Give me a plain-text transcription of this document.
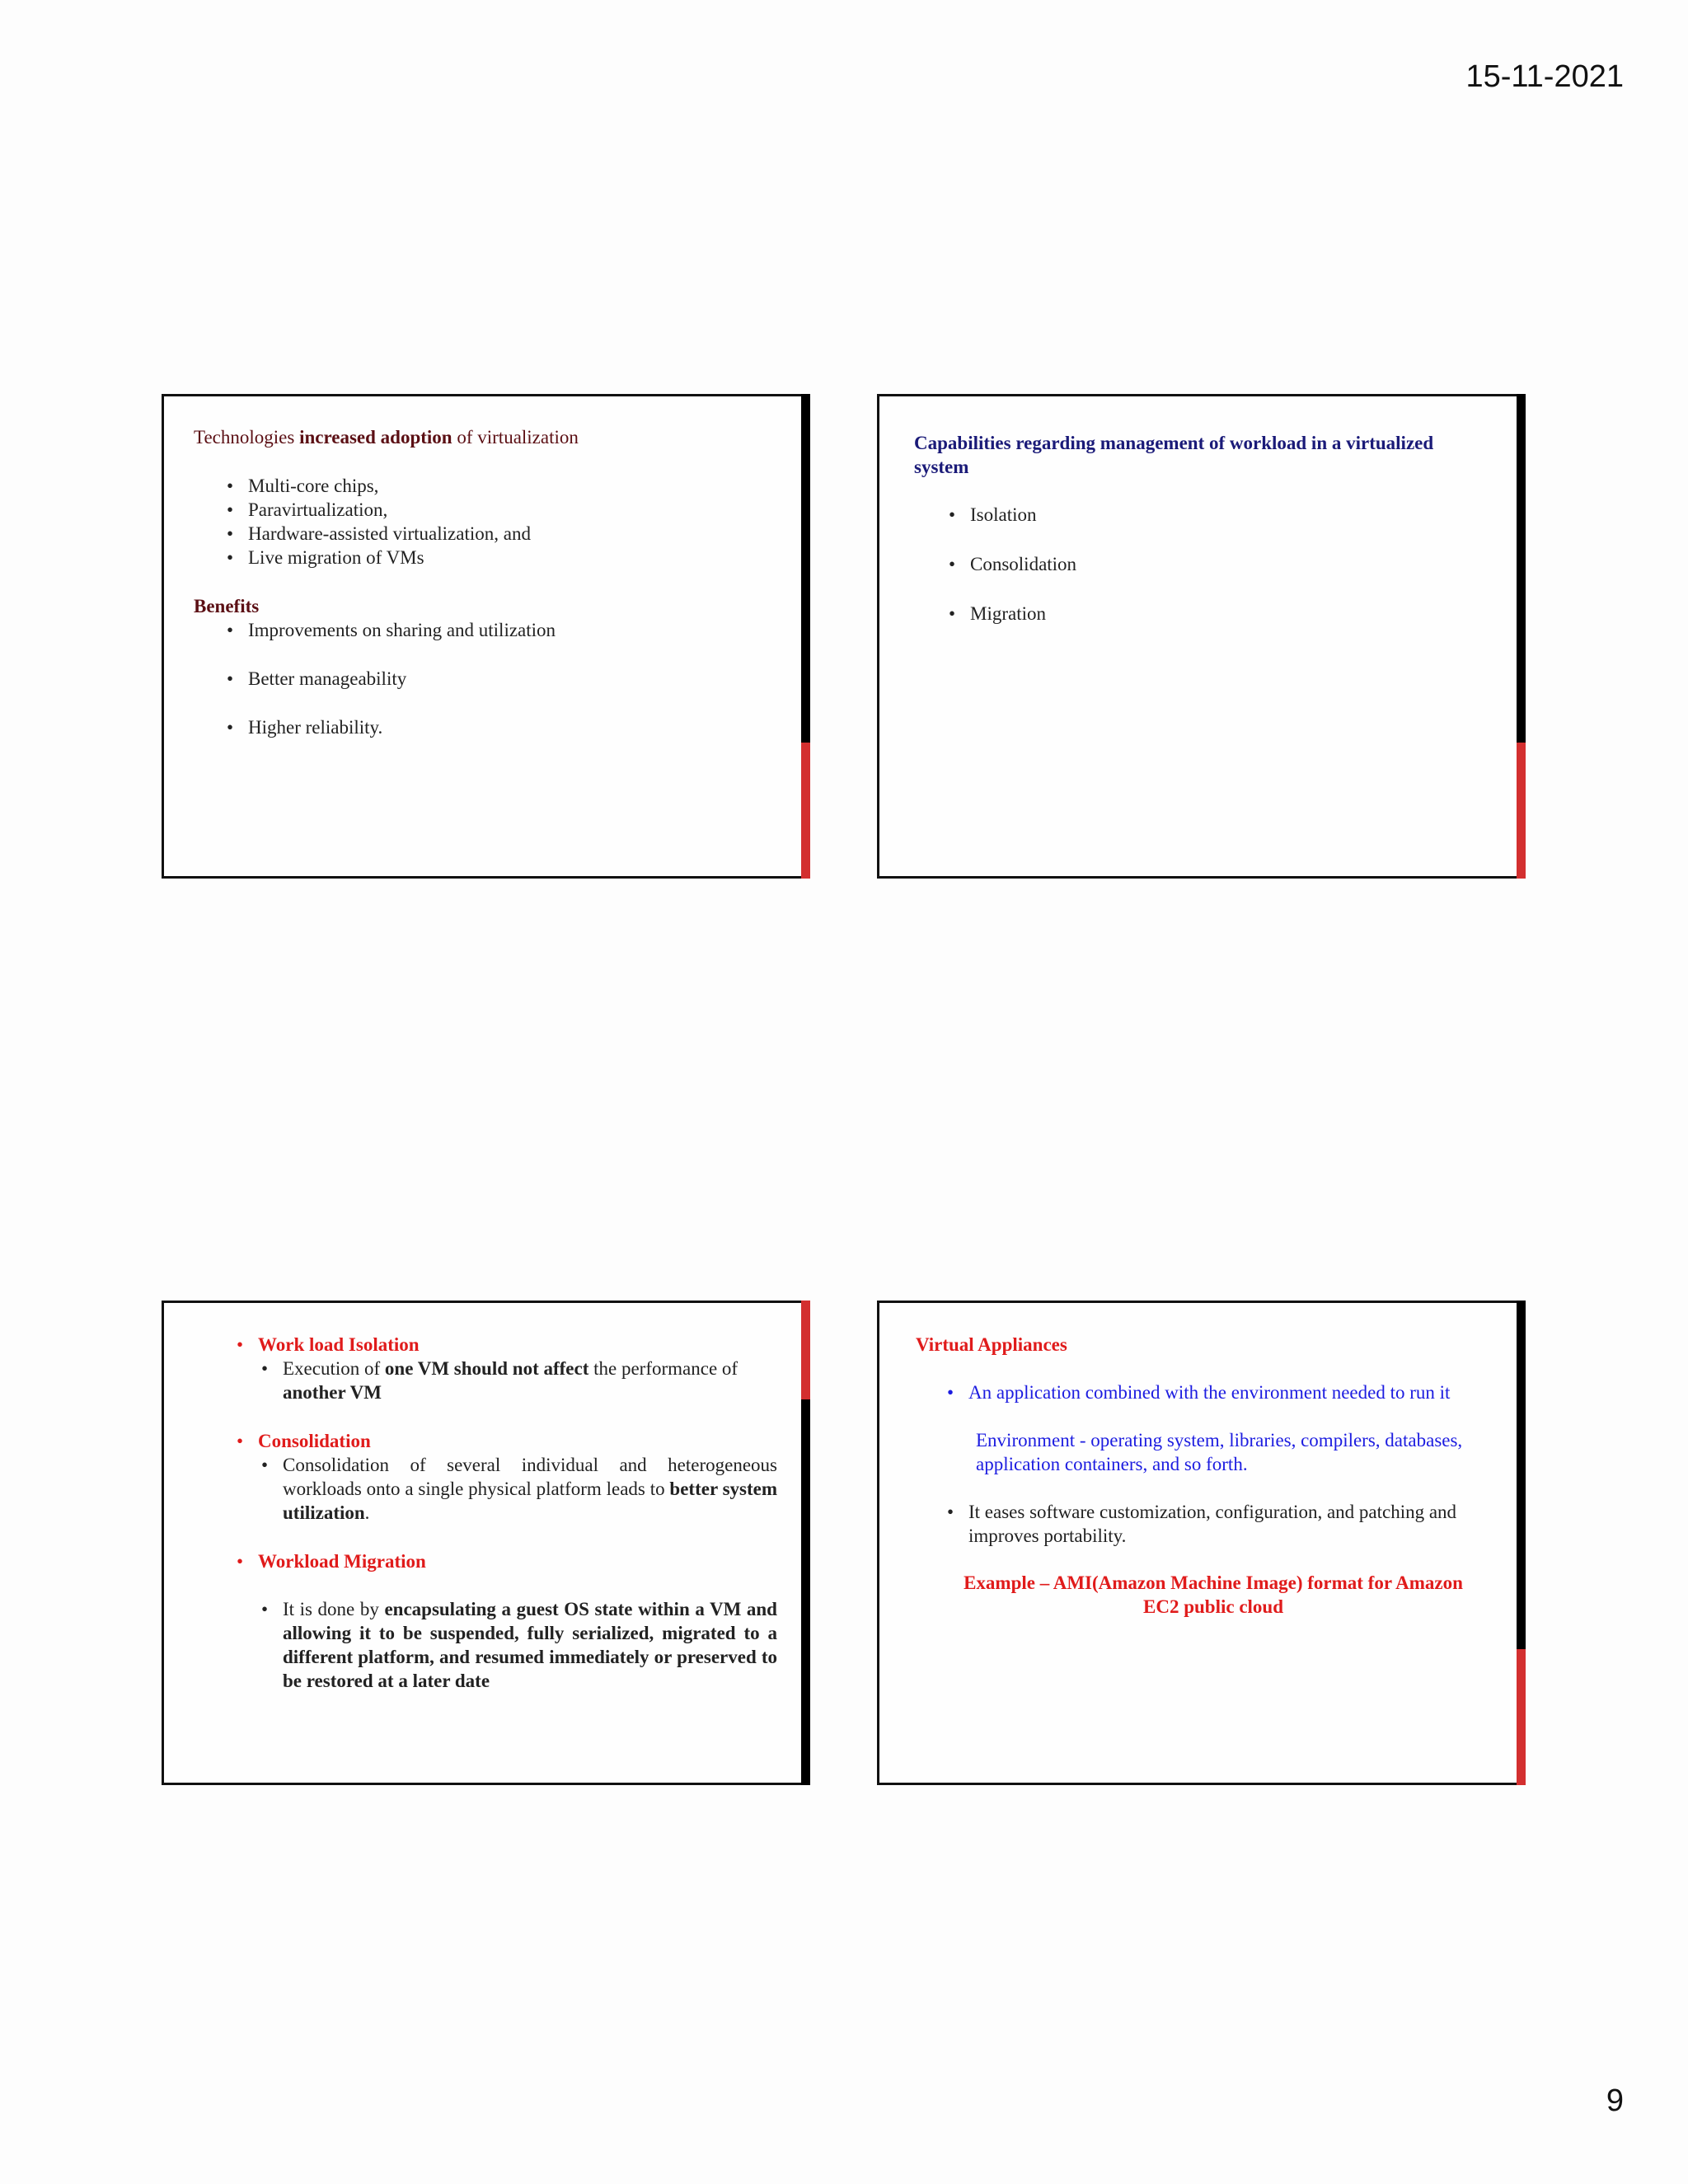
15-11-2021
Technologies increased adoption of virtualization
• Multi-core chips,
• Paravirtualization,
• Hardware-assisted virtualization, and
• Live migration of VMs
Benefits
• Improvements on sharing and utilization
• Better manageability
• Higher reliability.
Capabilities regarding management of workload in a virtualized system
• Isolation
• Consolidation
• Migration
• Work load Isolation
• Execution of one VM should not affect the performance of another VM
• Consolidation
• Consolidation of several individual and heterogeneous workloads onto a single physical platform leads to better system utilization.
• Workload Migration
• It is done by encapsulating a guest OS state within a VM and allowing it to be suspended, fully serialized, migrated to a different platform, and resumed immediately or preserved to be restored at a later date
Virtual Appliances
• An application combined with the environment needed to run it
Environment - operating system, libraries, compilers, databases, application containers, and so forth.
• It eases software customization, configuration, and patching and improves portability.
Example – AMI(Amazon Machine Image) format for Amazon
EC2 public cloud
9
